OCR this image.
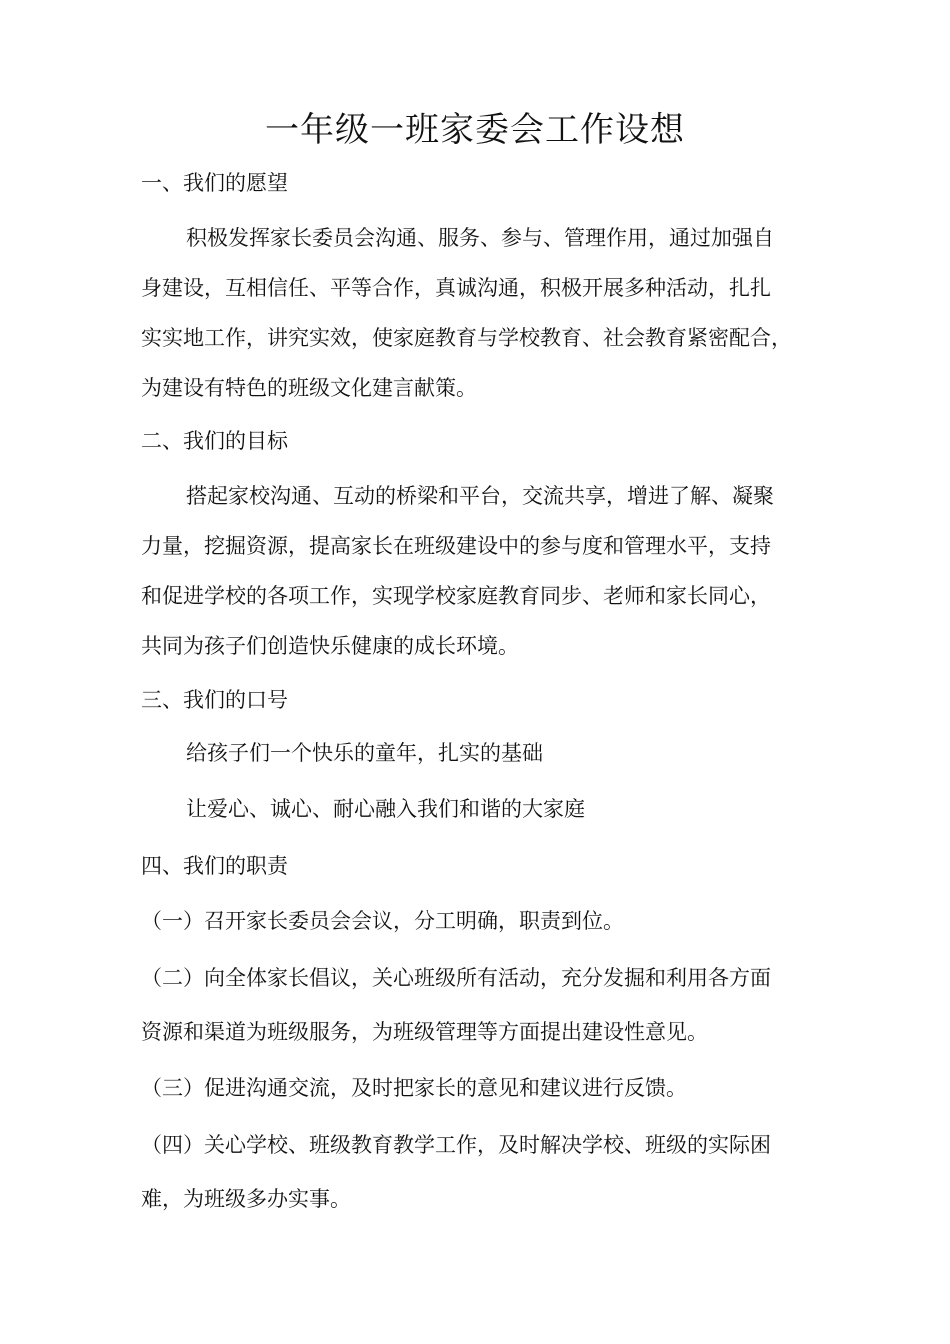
一年级一班家委会工作设想
一、我们的愿望
积极发挥家长委员会沟通、服务、参与、管理作用，通过加强自
身建设，互相信任、平等合作，真诚沟通，积极开展多种活动，扎扎
实实地工作，讲究实效，使家庭教育与学校教育、社会教育紧密配合，
为建设有特色的班级文化建言献策。
二、我们的目标
搭起家校沟通、互动的桥梁和平台，交流共享，增进了解、凝聚
力量，挖掘资源，提高家长在班级建设中的参与度和管理水平，支持
和促进学校的各项工作，实现学校家庭教育同步、老师和家长同心，
共同为孩子们创造快乐健康的成长环境。
三、我们的口号
给孩子们一个快乐的童年，扎实的基础
让爱心、诚心、耐心融入我们和谐的大家庭
四、我们的职责
（一）召开家长委员会会议，分工明确，职责到位。
（二）向全体家长倡议，关心班级所有活动，充分发掘和利用各方面
资源和渠道为班级服务，为班级管理等方面提出建设性意见。
（三）促进沟通交流，及时把家长的意见和建议进行反馈。
（四）关心学校、班级教育教学工作，及时解决学校、班级的实际困
难，为班级多办实事。
